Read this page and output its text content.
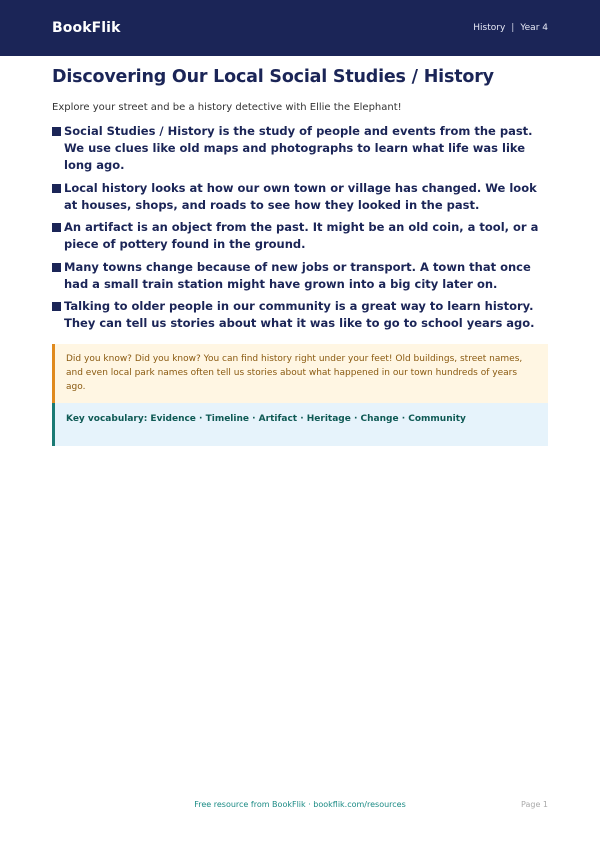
BookFlik	History | Year 4
Discovering Our Local Social Studies / History

Explore your street and be a history detective with Ellie the Elephant!

Social Studies / History is the study of people and events from the past. We use clues like old maps and photographs to learn what life was like long ago.
Local history looks at how our own town or village has changed. We look at houses, shops, and roads to see how they looked in the past.
An artifact is an object from the past. It might be an old coin, a tool, or a piece of pottery found in the ground.
Many towns change because of new jobs or transport. A town that once had a small train station might have grown into a big city later on.
Talking to older people in our community is a great way to learn history. They can tell us stories about what it was like to go to school years ago.
Did you know? Did you know? You can find history right under your feet! Old buildings, street names, and even local park names often tell us stories about what happened in our town hundreds of years ago.
Key vocabulary: Evidence · Timeline · Artifact · Heritage · Change · Community
Free resource from BookFlik · bookflik.com/resources	Page 1
